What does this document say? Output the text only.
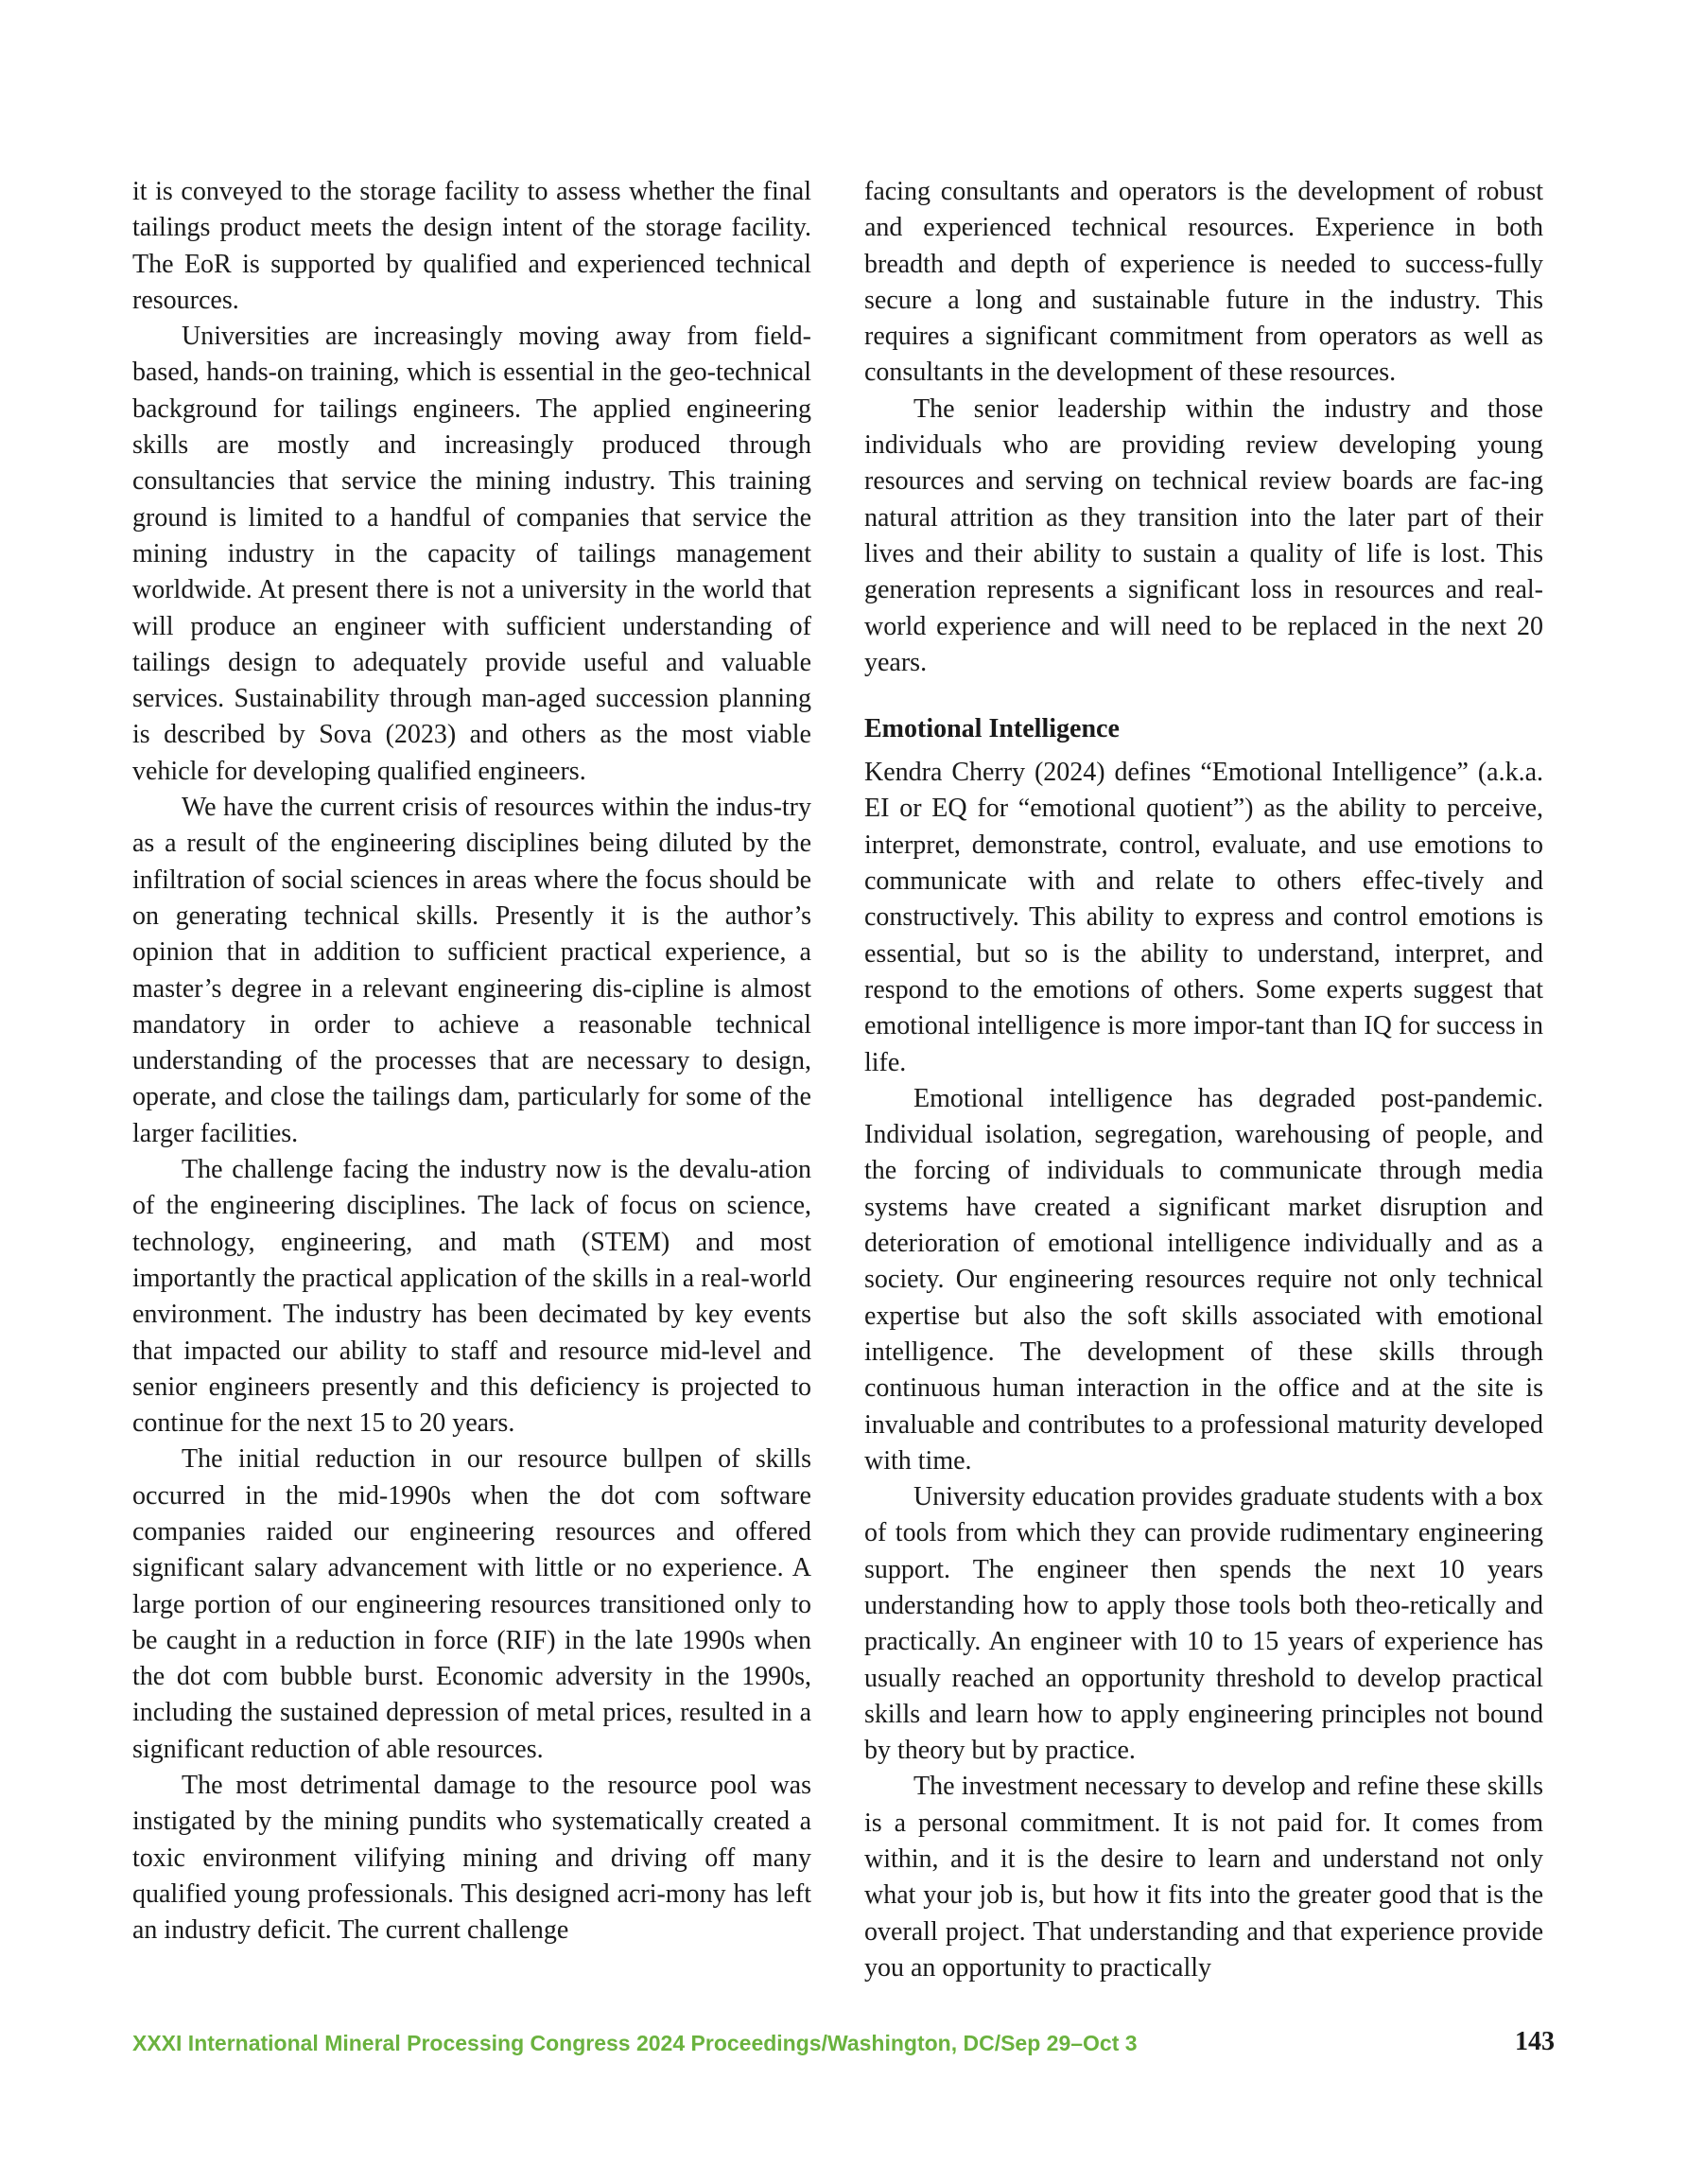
it is conveyed to the storage facility to assess whether the final tailings product meets the design intent of the storage facility. The EoR is supported by qualified and experienced technical resources.

Universities are increasingly moving away from field-based, hands-on training, which is essential in the geo-technical background for tailings engineers. The applied engineering skills are mostly and increasingly produced through consultancies that service the mining industry. This training ground is limited to a handful of companies that service the mining industry in the capacity of tailings management worldwide. At present there is not a university in the world that will produce an engineer with sufficient understanding of tailings design to adequately provide useful and valuable services. Sustainability through man-aged succession planning is described by Sova (2023) and others as the most viable vehicle for developing qualified engineers.

We have the current crisis of resources within the indus-try as a result of the engineering disciplines being diluted by the infiltration of social sciences in areas where the focus should be on generating technical skills. Presently it is the author’s opinion that in addition to sufficient practical experience, a master’s degree in a relevant engineering dis-cipline is almost mandatory in order to achieve a reasonable technical understanding of the processes that are necessary to design, operate, and close the tailings dam, particularly for some of the larger facilities.

The challenge facing the industry now is the devalu-ation of the engineering disciplines. The lack of focus on science, technology, engineering, and math (STEM) and most importantly the practical application of the skills in a real-world environment. The industry has been decimated by key events that impacted our ability to staff and resource mid-level and senior engineers presently and this deficiency is projected to continue for the next 15 to 20 years.

The initial reduction in our resource bullpen of skills occurred in the mid-1990s when the dot com software companies raided our engineering resources and offered significant salary advancement with little or no experience. A large portion of our engineering resources transitioned only to be caught in a reduction in force (RIF) in the late 1990s when the dot com bubble burst. Economic adversity in the 1990s, including the sustained depression of metal prices, resulted in a significant reduction of able resources.

The most detrimental damage to the resource pool was instigated by the mining pundits who systematically created a toxic environment vilifying mining and driving off many qualified young professionals. This designed acri-mony has left an industry deficit. The current challenge

facing consultants and operators is the development of robust and experienced technical resources. Experience in both breadth and depth of experience is needed to success-fully secure a long and sustainable future in the industry. This requires a significant commitment from operators as well as consultants in the development of these resources.

The senior leadership within the industry and those individuals who are providing review developing young resources and serving on technical review boards are fac-ing natural attrition as they transition into the later part of their lives and their ability to sustain a quality of life is lost. This generation represents a significant loss in resources and real-world experience and will need to be replaced in the next 20 years.

Emotional Intelligence

Kendra Cherry (2024) defines “Emotional Intelligence” (a.k.a. EI or EQ for “emotional quotient”) as the ability to perceive, interpret, demonstrate, control, evaluate, and use emotions to communicate with and relate to others effec-tively and constructively. This ability to express and control emotions is essential, but so is the ability to understand, interpret, and respond to the emotions of others. Some experts suggest that emotional intelligence is more impor-tant than IQ for success in life.

Emotional intelligence has degraded post-pandemic. Individual isolation, segregation, warehousing of people, and the forcing of individuals to communicate through media systems have created a significant market disruption and deterioration of emotional intelligence individually and as a society. Our engineering resources require not only technical expertise but also the soft skills associated with emotional intelligence. The development of these skills through continuous human interaction in the office and at the site is invaluable and contributes to a professional maturity developed with time.

University education provides graduate students with a box of tools from which they can provide rudimentary engineering support. The engineer then spends the next 10 years understanding how to apply those tools both theo-retically and practically. An engineer with 10 to 15 years of experience has usually reached an opportunity threshold to develop practical skills and learn how to apply engineering principles not bound by theory but by practice.

The investment necessary to develop and refine these skills is a personal commitment. It is not paid for. It comes from within, and it is the desire to learn and understand not only what your job is, but how it fits into the greater good that is the overall project. That understanding and that experience provide you an opportunity to practically

XXXI International Mineral Processing Congress 2024 Proceedings/Washington, DC/Sep 29–Oct 3	143
